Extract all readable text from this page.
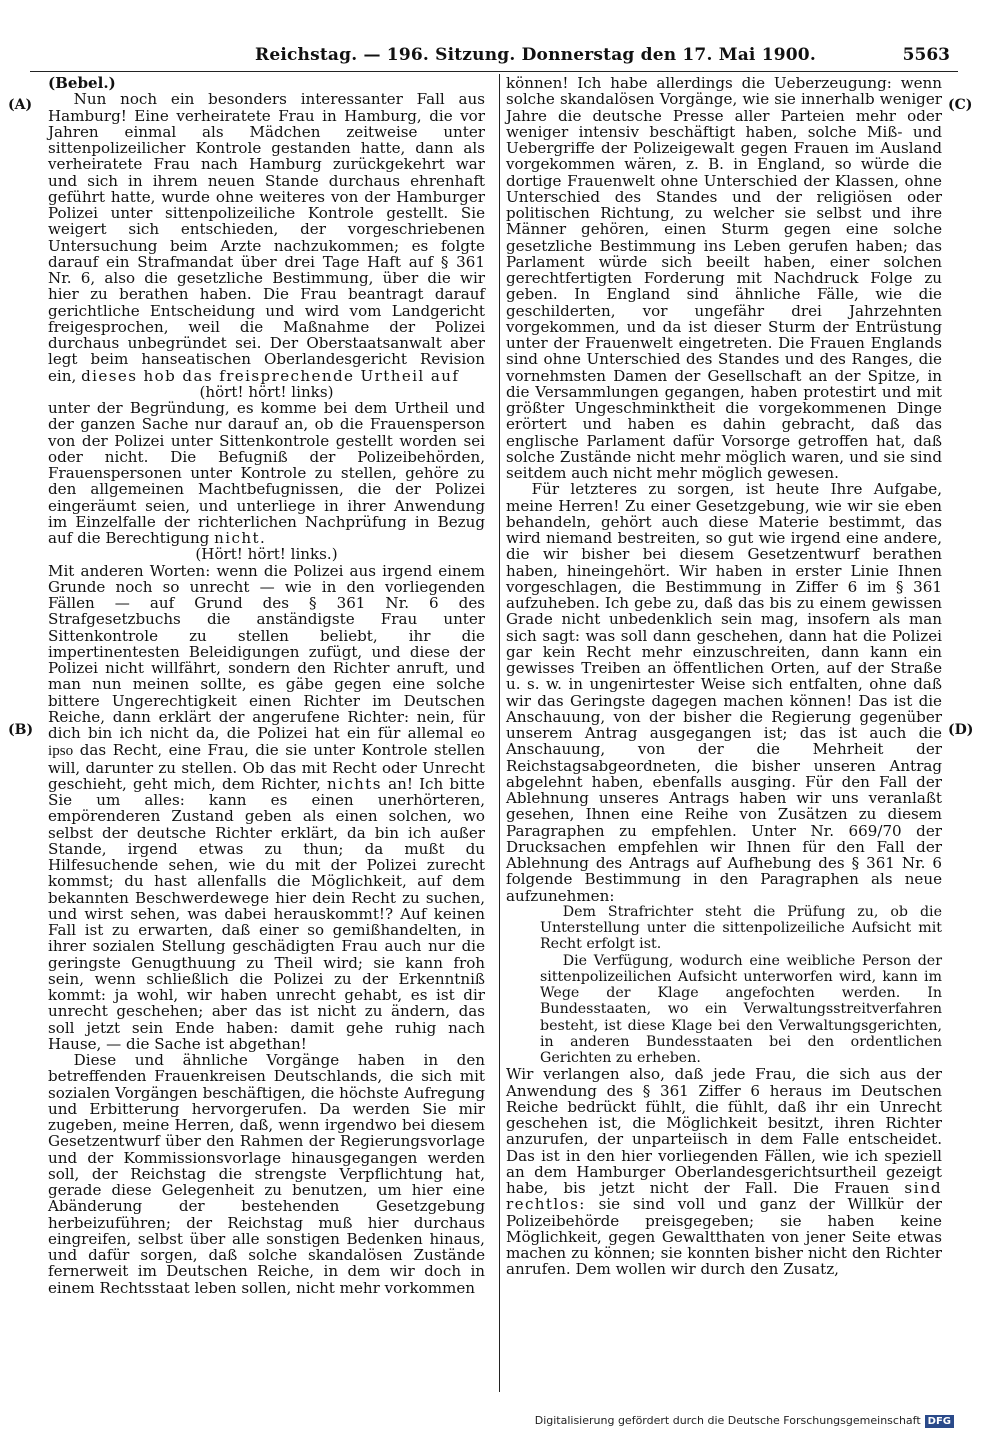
Reichstag. — 196. Sitzung. Donnerstag den 17. Mai 1900.	5563
(A)
(B)
(C)
(D)

(Bebel.)

Nun noch ein besonders interessanter Fall aus Hamburg! Eine verheiratete Frau in Hamburg, die vor Jahren einmal als Mädchen zeitweise unter sittenpolizeilicher Kontrole gestanden hatte, dann als verheiratete Frau nach Hamburg zurückgekehrt war und sich in ihrem neuen Stande durchaus ehrenhaft geführt hatte, wurde ohne weiteres von der Hamburger Polizei unter sittenpolizeiliche Kontrole gestellt. Sie weigert sich entschieden, der vorgeschriebenen Untersuchung beim Arzte nachzukommen; es folgte darauf ein Strafmandat über drei Tage Haft auf § 361 Nr. 6, also die gesetzliche Bestimmung, über die wir hier zu berathen haben. Die Frau beantragt darauf gerichtliche Entscheidung und wird vom Landgericht freigesprochen, weil die Maßnahme der Polizei durchaus unbegründet sei. Der Oberstaatsanwalt aber legt beim hanseatischen Oberlandesgericht Revision ein, dieses hob das freisprechende Urtheil auf

(hört! hört! links)

unter der Begründung, es komme bei dem Urtheil und der ganzen Sache nur darauf an, ob die Frauensperson von der Polizei unter Sittenkontrole gestellt worden sei oder nicht. Die Befugniß der Polizeibehörden, Frauenspersonen unter Kontrole zu stellen, gehöre zu den allgemeinen Machtbefugnissen, die der Polizei eingeräumt seien, und unterliege in ihrer Anwendung im Einzelfalle der richterlichen Nachprüfung in Bezug auf die Berechtigung nicht.

(Hört! hört! links.)

Mit anderen Worten: wenn die Polizei aus irgend einem Grunde noch so unrecht — wie in den vorliegenden Fällen — auf Grund des § 361 Nr. 6 des Strafgesetzbuchs die anständigste Frau unter Sittenkontrole zu stellen beliebt, ihr die impertinentesten Beleidigungen zufügt, und diese der Polizei nicht willfährt, sondern den Richter anruft, und man nun meinen sollte, es gäbe gegen eine solche bittere Ungerechtigkeit einen Richter im Deutschen Reiche, dann erklärt der angerufene Richter: nein, für dich bin ich nicht da, die Polizei hat ein für allemal eo ipso das Recht, eine Frau, die sie unter Kontrole stellen will, darunter zu stellen. Ob das mit Recht oder Unrecht geschieht, geht mich, dem Richter, nichts an! Ich bitte Sie um alles: kann es einen unerhörteren, empörenderen Zustand geben als einen solchen, wo selbst der deutsche Richter erklärt, da bin ich außer Stande, irgend etwas zu thun; da mußt du Hilfesuchende sehen, wie du mit der Polizei zurecht kommst; du hast allenfalls die Möglichkeit, auf dem bekannten Beschwerdewege hier dein Recht zu suchen, und wirst sehen, was dabei herauskommt!? Auf keinen Fall ist zu erwarten, daß einer so gemißhandelten, in ihrer sozialen Stellung geschädigten Frau auch nur die geringste Genugthuung zu Theil wird; sie kann froh sein, wenn schließlich die Polizei zu der Erkenntniß kommt: ja wohl, wir haben unrecht gehabt, es ist dir unrecht geschehen; aber das ist nicht zu ändern, das soll jetzt sein Ende haben: damit gehe ruhig nach Hause, — die Sache ist abgethan!

Diese und ähnliche Vorgänge haben in den betreffenden Frauenkreisen Deutschlands, die sich mit sozialen Vorgängen beschäftigen, die höchste Aufregung und Erbitterung hervorgerufen. Da werden Sie mir zugeben, meine Herren, daß, wenn irgendwo bei diesem Gesetzentwurf über den Rahmen der Regierungsvorlage und der Kommissionsvorlage hinausgegangen werden soll, der Reichstag die strengste Verpflichtung hat, gerade diese Gelegenheit zu benutzen, um hier eine Abänderung der bestehenden Gesetzgebung herbeizuführen; der Reichstag muß hier durchaus eingreifen, selbst über alle sonstigen Bedenken hinaus, und dafür sorgen, daß solche skandalösen Zustände fernerweit im Deutschen Reiche, in dem wir doch in einem Rechtsstaat leben sollen, nicht mehr vorkommen

können! Ich habe allerdings die Ueberzeugung: wenn solche skandalösen Vorgänge, wie sie innerhalb weniger Jahre die deutsche Presse aller Parteien mehr oder weniger intensiv beschäftigt haben, solche Miß- und Uebergriffe der Polizeigewalt gegen Frauen im Ausland vorgekommen wären, z. B. in England, so würde die dortige Frauenwelt ohne Unterschied der Klassen, ohne Unterschied des Standes und der religiösen oder politischen Richtung, zu welcher sie selbst und ihre Männer gehören, einen Sturm gegen eine solche gesetzliche Bestimmung ins Leben gerufen haben; das Parlament würde sich beeilt haben, einer solchen gerechtfertigten Forderung mit Nachdruck Folge zu geben. In England sind ähnliche Fälle, wie die geschilderten, vor ungefähr drei Jahrzehnten vorgekommen, und da ist dieser Sturm der Entrüstung unter der Frauenwelt eingetreten. Die Frauen Englands sind ohne Unterschied des Standes und des Ranges, die vornehmsten Damen der Gesellschaft an der Spitze, in die Versammlungen gegangen, haben protestirt und mit größter Ungeschminktheit die vorgekommenen Dinge erörtert und haben es dahin gebracht, daß das englische Parlament dafür Vorsorge getroffen hat, daß solche Zustände nicht mehr möglich waren, und sie sind seitdem auch nicht mehr möglich gewesen.

Für letzteres zu sorgen, ist heute Ihre Aufgabe, meine Herren! Zu einer Gesetzgebung, wie wir sie eben behandeln, gehört auch diese Materie bestimmt, das wird niemand bestreiten, so gut wie irgend eine andere, die wir bisher bei diesem Gesetzentwurf berathen haben, hineingehört. Wir haben in erster Linie Ihnen vorgeschlagen, die Bestimmung in Ziffer 6 im § 361 aufzuheben. Ich gebe zu, daß das bis zu einem gewissen Grade nicht unbedenklich sein mag, insofern als man sich sagt: was soll dann geschehen, dann hat die Polizei gar kein Recht mehr einzuschreiten, dann kann ein gewisses Treiben an öffentlichen Orten, auf der Straße u. s. w. in ungenirtester Weise sich entfalten, ohne daß wir das Geringste dagegen machen können! Das ist die Anschauung, von der bisher die Regierung gegenüber unserem Antrag ausgegangen ist; das ist auch die Anschauung, von der die Mehrheit der Reichstagsabgeordneten, die bisher unseren Antrag abgelehnt haben, ebenfalls ausging. Für den Fall der Ablehnung unseres Antrags haben wir uns veranlaßt gesehen, Ihnen eine Reihe von Zusätzen zu diesem Paragraphen zu empfehlen. Unter Nr. 669/70 der Drucksachen empfehlen wir Ihnen für den Fall der Ablehnung des Antrags auf Aufhebung des § 361 Nr. 6 folgende Bestimmung in den Paragraphen als neue aufzunehmen:

Dem Strafrichter steht die Prüfung zu, ob die Unterstellung unter die sittenpolizeiliche Aufsicht mit Recht erfolgt ist.

Die Verfügung, wodurch eine weibliche Person der sittenpolizeilichen Aufsicht unterworfen wird, kann im Wege der Klage angefochten werden. In Bundesstaaten, wo ein Verwaltungsstreitverfahren besteht, ist diese Klage bei den Verwaltungsgerichten, in anderen Bundesstaaten bei den ordentlichen Gerichten zu erheben.

Wir verlangen also, daß jede Frau, die sich aus der Anwendung des § 361 Ziffer 6 heraus im Deutschen Reiche bedrückt fühlt, die fühlt, daß ihr ein Unrecht geschehen ist, die Möglichkeit besitzt, ihren Richter anzurufen, der unparteiisch in dem Falle entscheidet. Das ist in den hier vorliegenden Fällen, wie ich speziell an dem Hamburger Oberlandesgerichtsurtheil gezeigt habe, bis jetzt nicht der Fall. Die Frauen sind rechtlos: sie sind voll und ganz der Willkür der Polizeibehörde preisgegeben; sie haben keine Möglichkeit, gegen Gewaltthaten von jener Seite etwas machen zu können; sie konnten bisher nicht den Richter anrufen. Dem wollen wir durch den Zusatz,

Digitalisierung gefördert durch die Deutsche Forschungsgemeinschaft DFG
